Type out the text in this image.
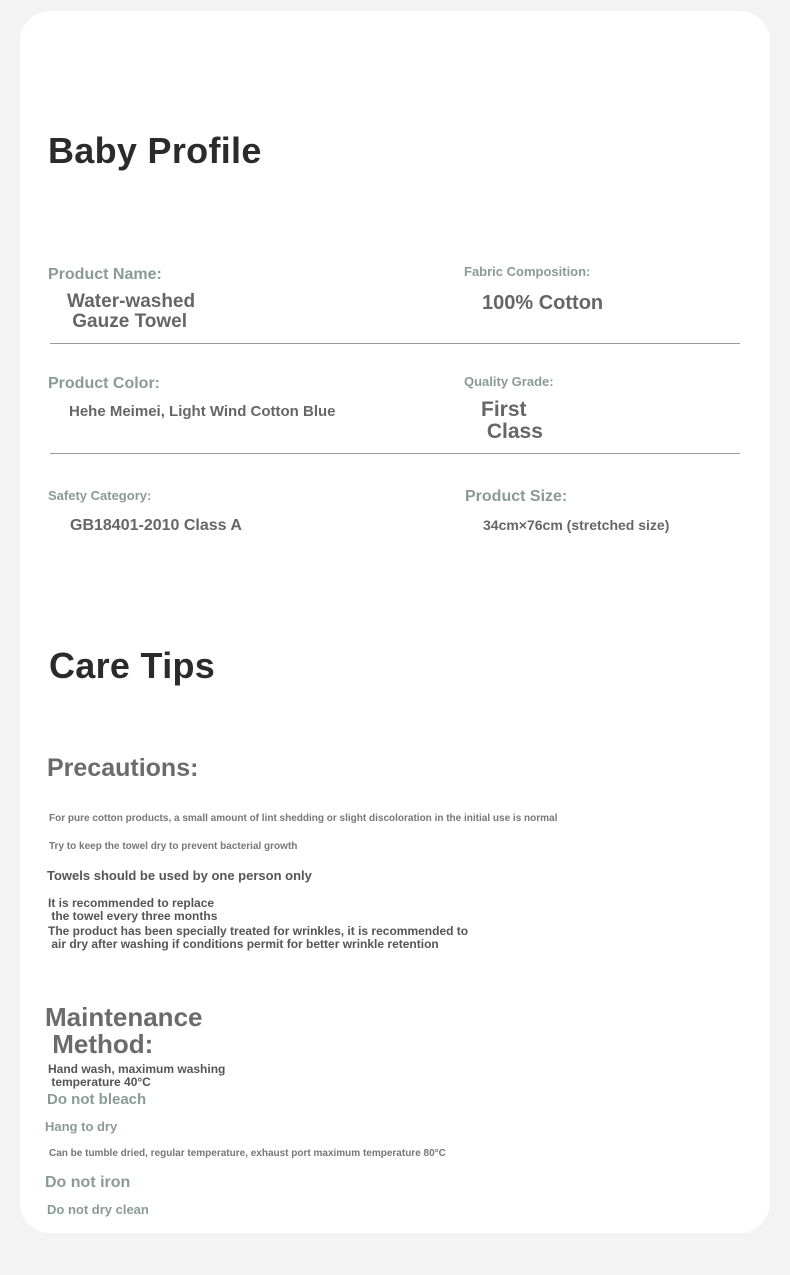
Baby Profile
Product Name:
Water-washed
Gauze Towel
Fabric Composition:
100% Cotton
Product Color:
Hehe Meimei, Light Wind Cotton Blue
Quality Grade:
First
Class
Safety Category:
GB18401-2010 Class A
Product Size:
34cm×76cm (stretched size)
Care Tips
Precautions:
For pure cotton products, a small amount of lint shedding or slight discoloration in the initial use is normal
Try to keep the towel dry to prevent bacterial growth
Towels should be used by one person only
It is recommended to replace
the towel every three months
The product has been specially treated for wrinkles, it is recommended to
air dry after washing if conditions permit for better wrinkle retention
Maintenance
Method:
Hand wash, maximum washing
temperature 40°C
Do not bleach
Hang to dry
Can be tumble dried, regular temperature, exhaust port maximum temperature 80°C
Do not iron
Do not dry clean
